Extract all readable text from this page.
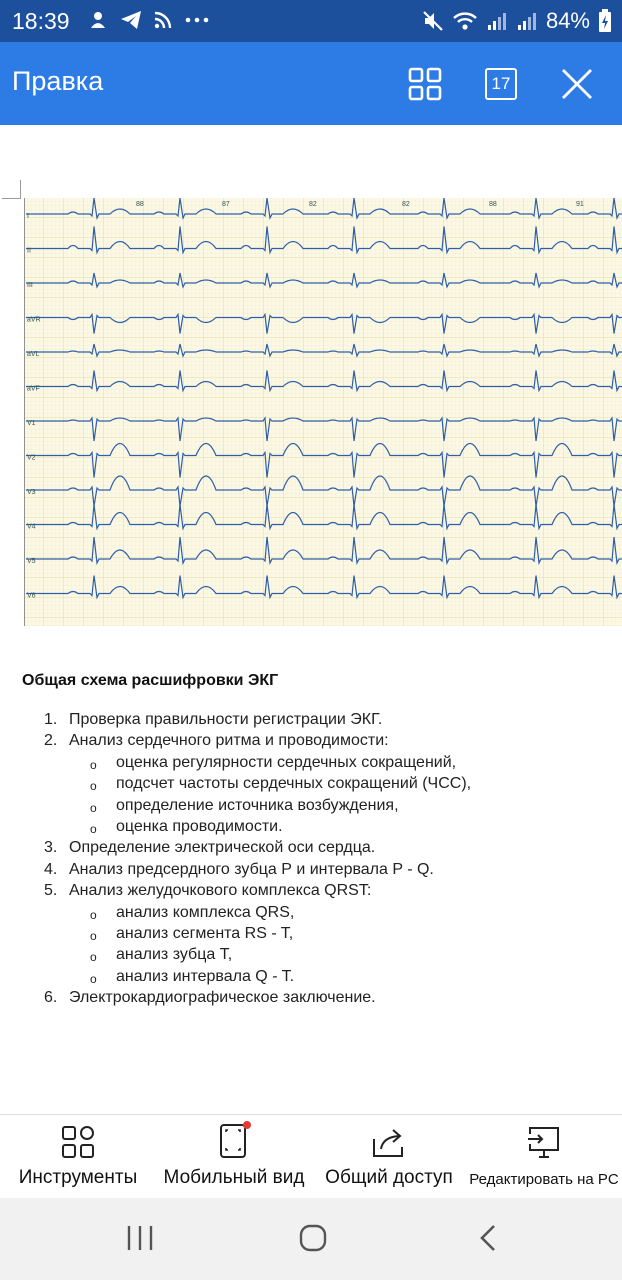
18:39	84%
Правка	17
I
II
III
aVR
aVL
aVF
V1
V2
V3
V4
V5
V6
88	87	82	82	88	91
Общая схема расшифровки ЭКГ
1. Проверка правильности регистрации ЭКГ.
2. Анализ сердечного ритма и проводимости:
o оценка регулярности сердечных сокращений,
o подсчет частоты сердечных сокращений (ЧСС),
o определение источника возбуждения,
o оценка проводимости.
3. Определение электрической оси сердца.
4. Анализ предсердного зубца Р и интервала P - Q.
5. Анализ желудочкового комплекса QRST:
o анализ комплекса QRS,
o анализ сегмента RS - T,
o анализ зубца T,
o анализ интервала Q - T.
6. Электрокардиографическое заключение.
Инструменты Мобильный вид Общий доступ Редактировать на PC
